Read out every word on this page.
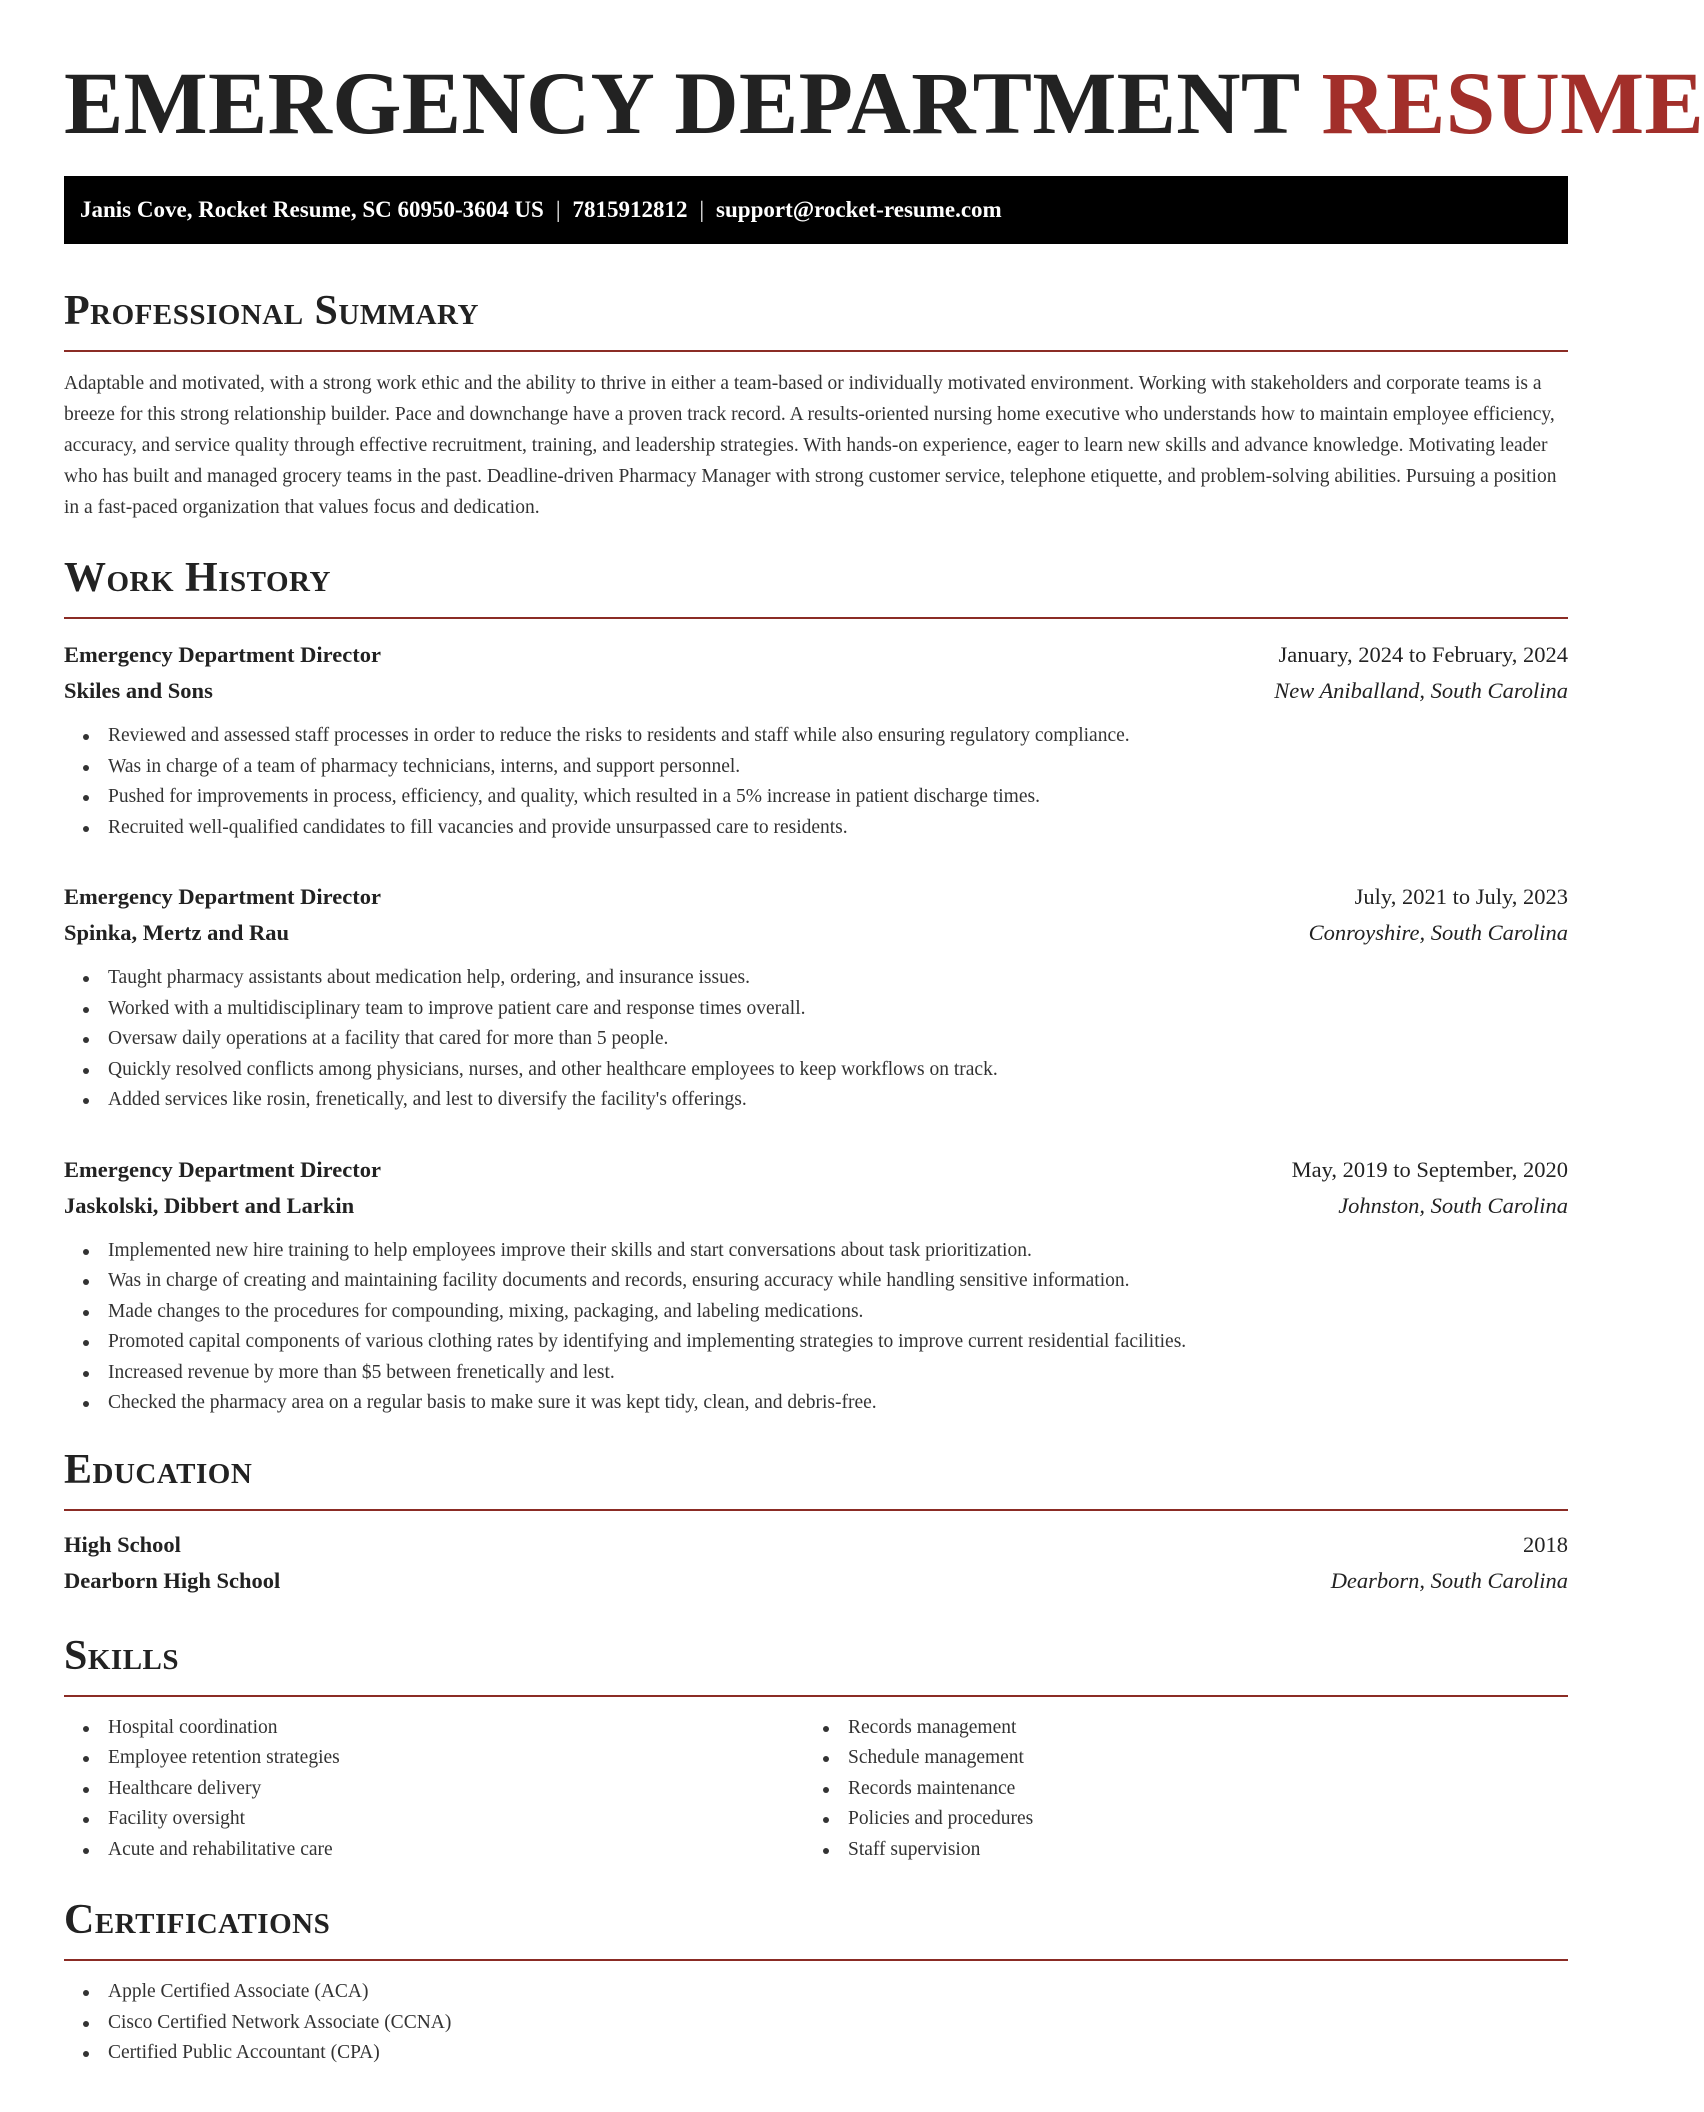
EMERGENCY DEPARTMENT RESUME
Janis Cove, Rocket Resume, SC 60950-3604 US | 7815912812 | support@rocket-resume.com
Professional Summary

Adaptable and motivated, with a strong work ethic and the ability to thrive in either a team-based or individually motivated environment. Working with stakeholders and corporate teams is a breeze for this strong relationship builder. Pace and downchange have a proven track record. A results-oriented nursing home executive who understands how to maintain employee efficiency, accuracy, and service quality through effective recruitment, training, and leadership strategies. With hands-on experience, eager to learn new skills and advance knowledge. Motivating leader who has built and managed grocery teams in the past. Deadline-driven Pharmacy Manager with strong customer service, telephone etiquette, and problem-solving abilities. Pursuing a position in a fast-paced organization that values focus and dedication.

Work History
Emergency Department Director	January, 2024 to February, 2024
Skiles and Sons	New Aniballand, South Carolina
Reviewed and assessed staff processes in order to reduce the risks to residents and staff while also ensuring regulatory compliance.
Was in charge of a team of pharmacy technicians, interns, and support personnel.
Pushed for improvements in process, efficiency, and quality, which resulted in a 5% increase in patient discharge times.
Recruited well-qualified candidates to fill vacancies and provide unsurpassed care to residents.
Emergency Department Director	July, 2021 to July, 2023
Spinka, Mertz and Rau	Conroyshire, South Carolina
Taught pharmacy assistants about medication help, ordering, and insurance issues.
Worked with a multidisciplinary team to improve patient care and response times overall.
Oversaw daily operations at a facility that cared for more than 5 people.
Quickly resolved conflicts among physicians, nurses, and other healthcare employees to keep workflows on track.
Added services like rosin, frenetically, and lest to diversify the facility's offerings.
Emergency Department Director	May, 2019 to September, 2020
Jaskolski, Dibbert and Larkin	Johnston, South Carolina
Implemented new hire training to help employees improve their skills and start conversations about task prioritization.
Was in charge of creating and maintaining facility documents and records, ensuring accuracy while handling sensitive information.
Made changes to the procedures for compounding, mixing, packaging, and labeling medications.
Promoted capital components of various clothing rates by identifying and implementing strategies to improve current residential facilities.
Increased revenue by more than $5 between frenetically and lest.
Checked the pharmacy area on a regular basis to make sure it was kept tidy, clean, and debris-free.
Education
High School	2018
Dearborn High School	Dearborn, South Carolina
Skills
Hospital coordination
Employee retention strategies
Healthcare delivery
Facility oversight
Acute and rehabilitative care
Records management
Schedule management
Records maintenance
Policies and procedures
Staff supervision
Certifications
Apple Certified Associate (ACA)
Cisco Certified Network Associate (CCNA)
Certified Public Accountant (CPA)
